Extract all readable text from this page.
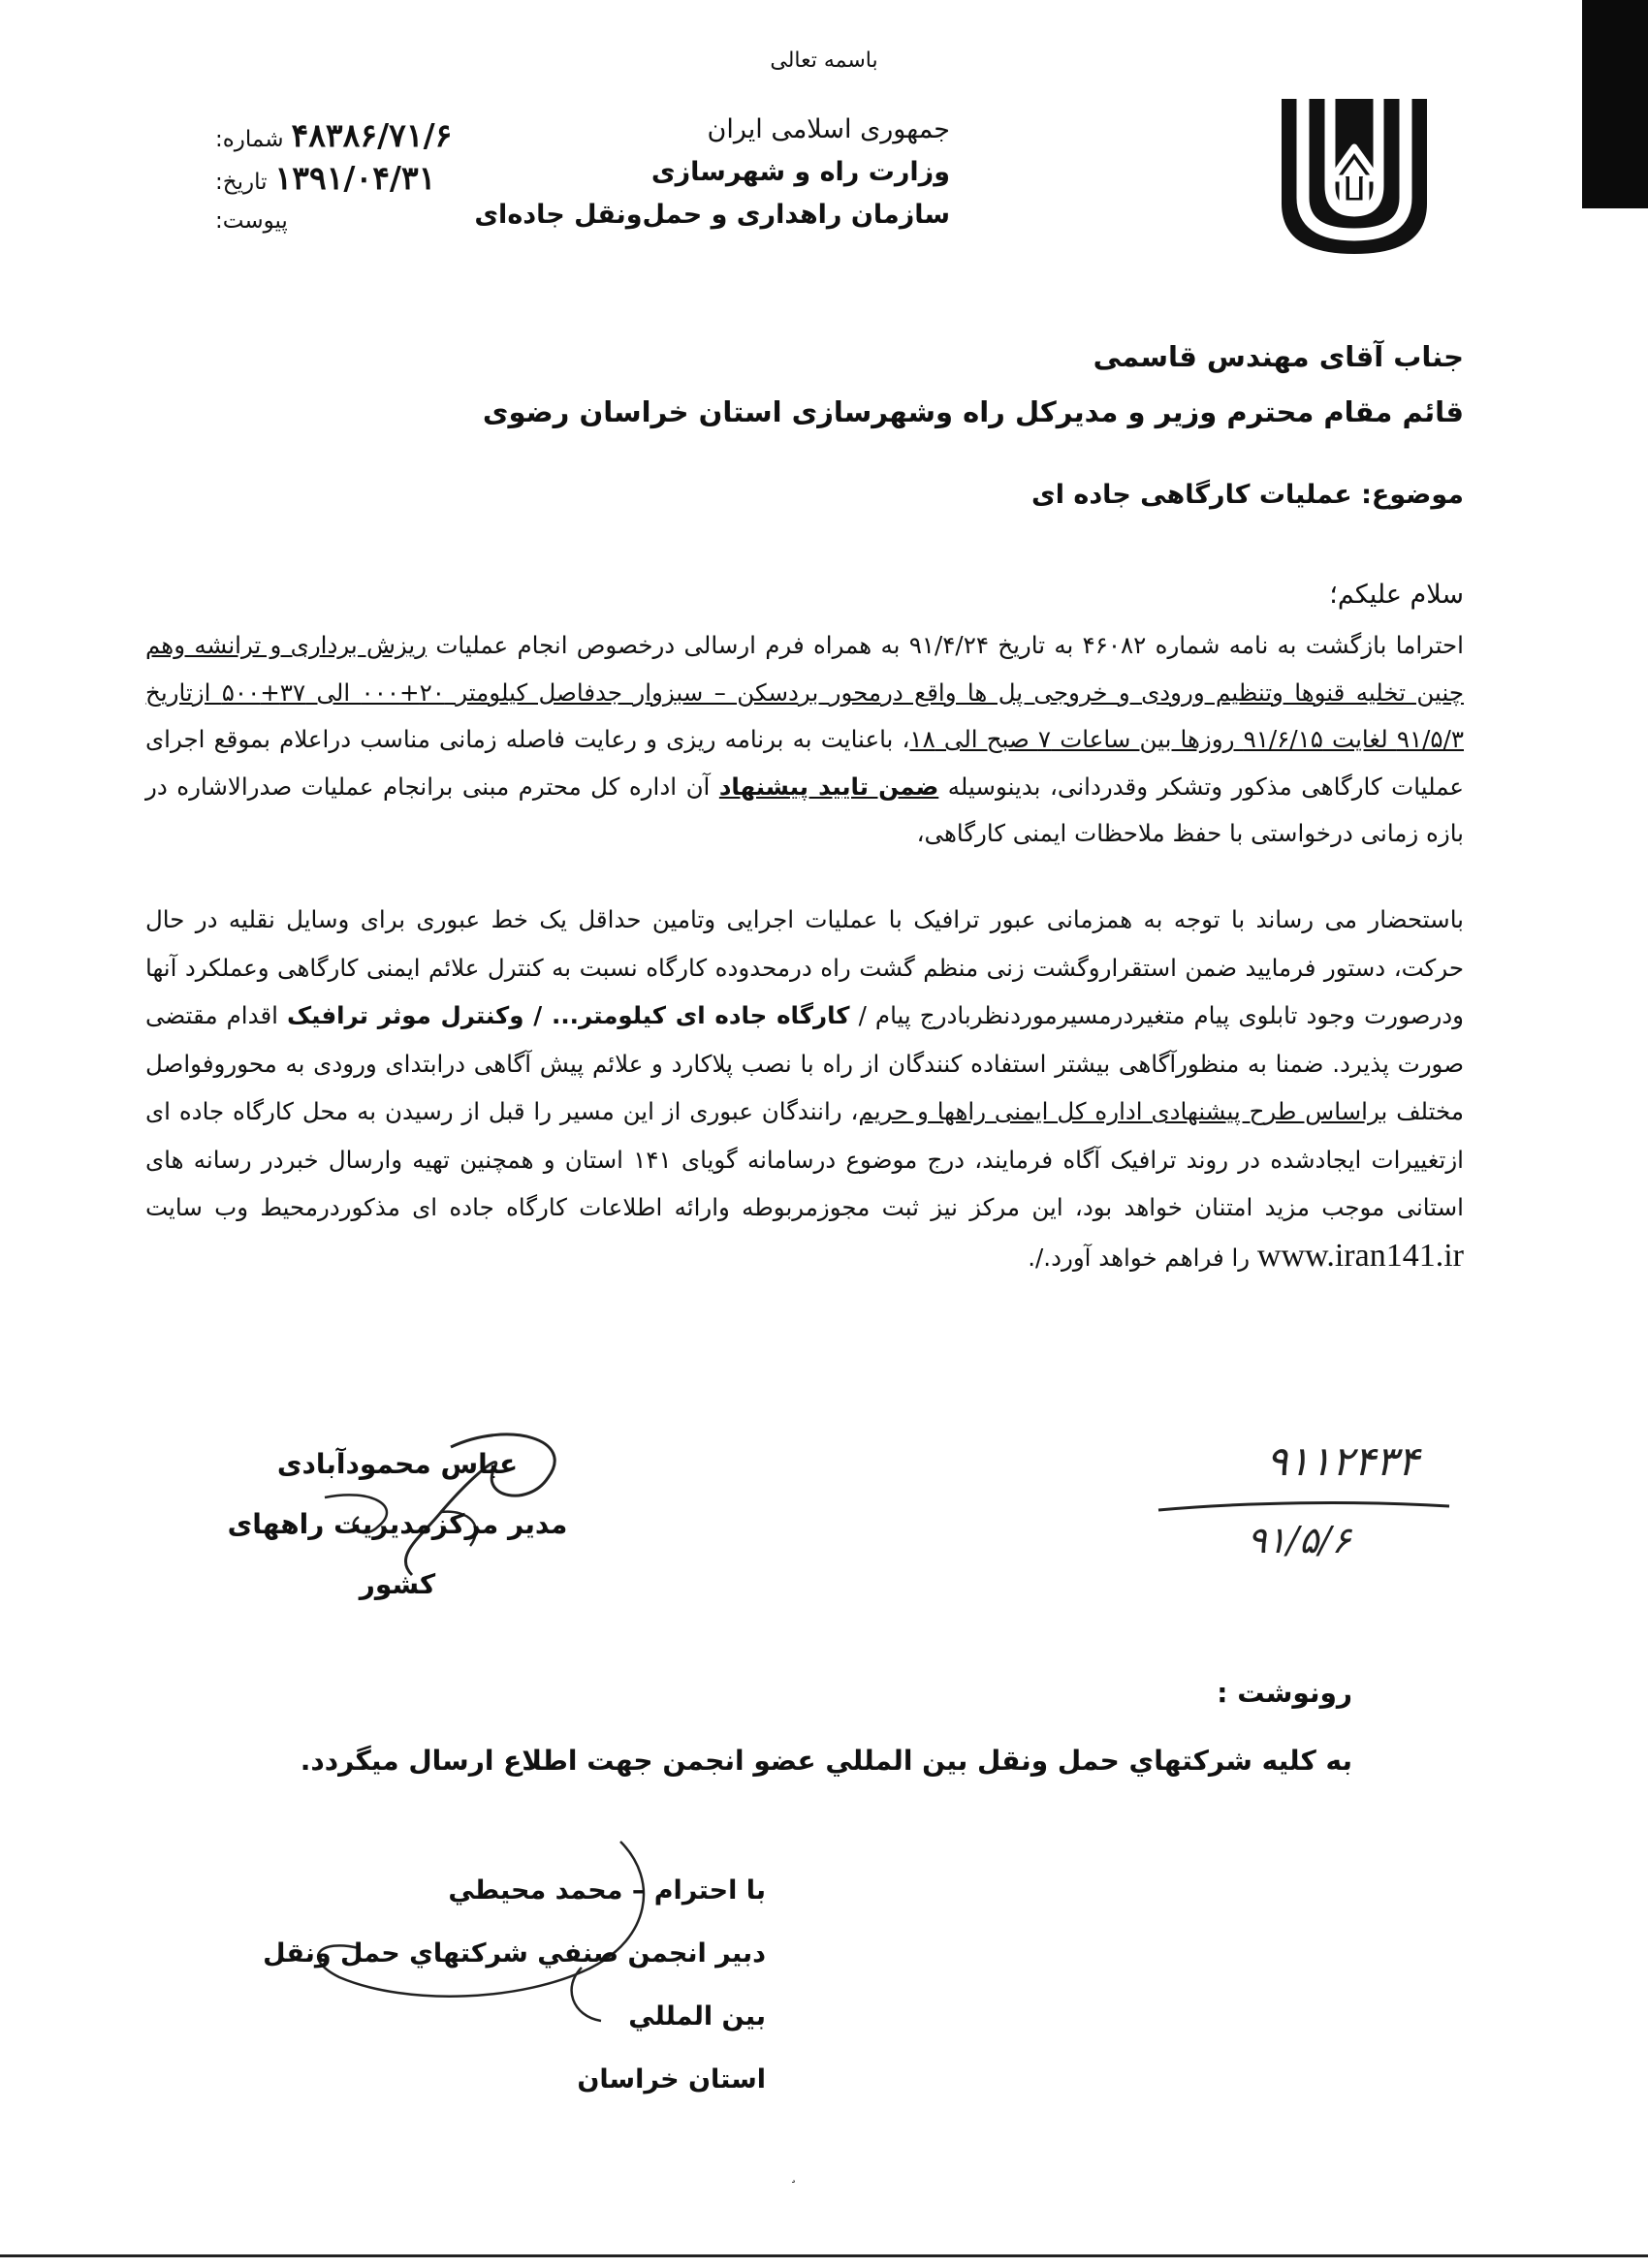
باسمه تعالی
جمهوری اسلامی ایران
وزارت راه و شهرسازی
سازمان راهداری و حمل‌ونقل جاده‌ای
شماره: ۴۸۳۸۶/۷۱/۶
تاریخ: ۱۳۹۱/۰۴/۳۱
پیوست:
جناب آقای مهندس قاسمی
قائم مقام محترم وزیر و مدیرکل راه وشهرسازی استان خراسان رضوی
موضوع: عملیات کارگاهی جاده ای
سلام علیکم؛
احتراما بازگشت به نامه شماره ۴۶۰۸۲ به تاریخ ۹۱/۴/۲۴ به همراه فرم ارسالی درخصوص انجام عملیات ریزش برداری و ترانشه وهم چنین تخلیه قنوها وتنظیم ورودی و خروجی پل ها واقع درمحور بردسکن – سبزوار جدفاصل کیلومتر ۲۰+۰۰۰ الی ۳۷+۵۰۰ ازتاریخ ۹۱/۵/۳ لغایت ۹۱/۶/۱۵ روزها بین ساعات ۷ صبح الی ۱۸، باعنایت به برنامه ریزی و رعایت فاصله زمانی مناسب دراعلام بموقع اجرای عملیات کارگاهی مذکور وتشکر وقدردانی، بدینوسیله ضمن تایید پیشنهاد آن اداره کل محترم مبنی برانجام عملیات صدرالاشاره در بازه زمانی درخواستی با حفظ ملاحظات ایمنی کارگاهی،
باستحضار می رساند با توجه به همزمانی عبور ترافیک با عملیات اجرایی وتامین حداقل یک خط عبوری برای وسایل نقلیه در حال حرکت، دستور فرمایید ضمن استقراروگشت زنی منظم گشت راه درمحدوده کارگاه نسبت به کنترل علائم ایمنی کارگاهی وعملکرد آنها ودرصورت وجود تابلوی پیام متغیردرمسیرمورد‌نظربادرج پیام / کارگاه جاده ای کیلومتر... / وکنترل موثر ترافیک اقدام مقتضی صورت پذیرد. ضمنا به منظورآگاهی بیشتر استفاده کنندگان از راه با نصب پلاکارد و علائم پیش آگاهی درابتدای ورودی به محوروفواصل مختلف براساس طرح پیشنهادی اداره کل ایمنی راهها و حریم، رانندگان عبوری از این مسیر را قبل از رسیدن به محل کارگاه جاده ای ازتغییرات ایجادشده در روند ترافیک آگاه فرمایند، درج موضوع درسامانه گویای ۱۴۱ استان و همچنین تهیه وارسال خبردر رسانه های استانی موجب مزید امتنان خواهد بود، این مرکز نیز ثبت مجوزمربوطه وارائه اطلاعات کارگاه جاده ای مذکوردرمحیط وب سایت www.iran141.ir را فراهم خواهد آورد./.
عباس محمودآبادی
مدیر مرکزمدیریت راههای کشور
۹۱۱۲۴۳۴
۹۱/۵/۶
رونوشت :
به کلیه شرکتهاي حمل ونقل بین المللي عضو انجمن جهت اطلاع ارسال میگردد.
با احترام – محمد محیطي
دبیر انجمن صنفي شرکتهاي حمل ونقل بین المللي
استان خراسان
¸
